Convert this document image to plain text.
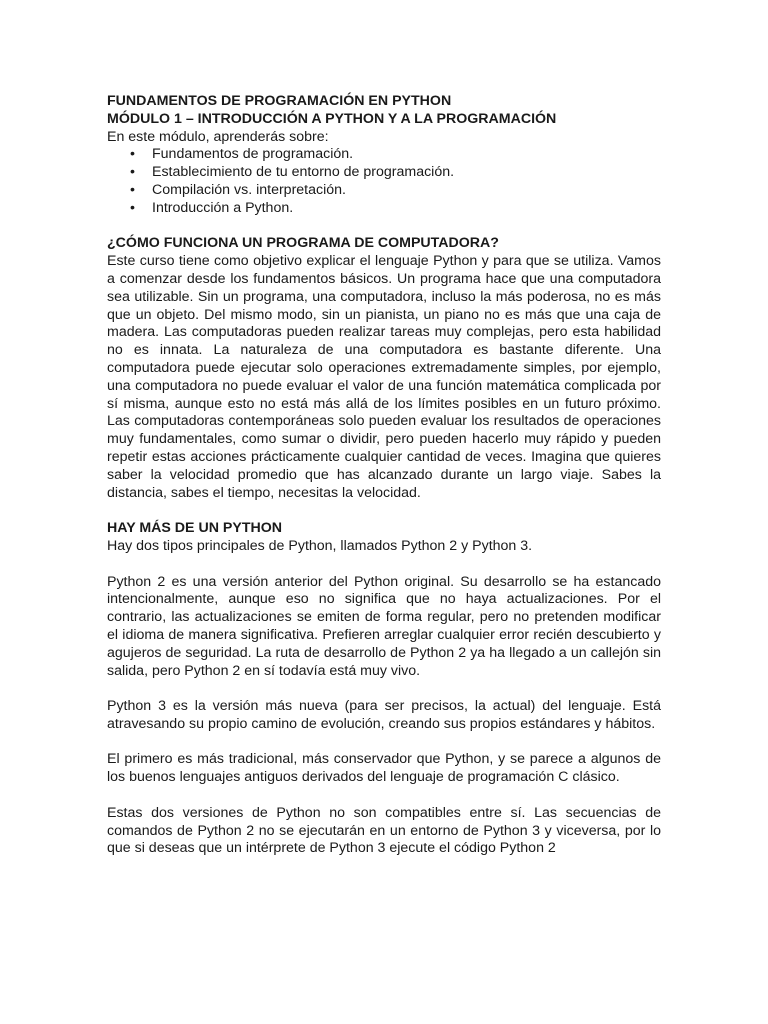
FUNDAMENTOS DE PROGRAMACIÓN EN PYTHON
MÓDULO 1 – INTRODUCCIÓN A PYTHON Y A LA PROGRAMACIÓN
En este módulo, aprenderás sobre:
• Fundamentos de programación.
• Establecimiento de tu entorno de programación.
• Compilación vs. interpretación.
• Introducción a Python.
¿CÓMO FUNCIONA UN PROGRAMA DE COMPUTADORA?

Este curso tiene como objetivo explicar el lenguaje Python y para que se utiliza. Vamos a comenzar desde los fundamentos básicos. Un programa hace que una computadora sea utilizable. Sin un programa, una computadora, incluso la más poderosa, no es más que un objeto. Del mismo modo, sin un pianista, un piano no es más que una caja de madera. Las computadoras pueden realizar tareas muy complejas, pero esta habilidad no es innata. La naturaleza de una computadora es bastante diferente. Una computadora puede ejecutar solo operaciones extremadamente simples, por ejemplo, una computadora no puede evaluar el valor de una función matemática complicada por sí misma, aunque esto no está más allá de los límites posibles en un futuro próximo. Las computadoras contemporáneas solo pueden evaluar los resultados de operaciones muy fundamentales, como sumar o dividir, pero pueden hacerlo muy rápido y pueden repetir estas acciones prácticamente cualquier cantidad de veces. Imagina que quieres saber la velocidad promedio que has alcanzado durante un largo viaje. Sabes la distancia, sabes el tiempo, necesitas la velocidad.

HAY MÁS DE UN PYTHON

Hay dos tipos principales de Python, llamados Python 2 y Python 3.

Python 2 es una versión anterior del Python original. Su desarrollo se ha estancado intencionalmente, aunque eso no significa que no haya actualizaciones. Por el contrario, las actualizaciones se emiten de forma regular, pero no pretenden modificar el idioma de manera significativa. Prefieren arreglar cualquier error recién descubierto y agujeros de seguridad. La ruta de desarrollo de Python 2 ya ha llegado a un callejón sin salida, pero Python 2 en sí todavía está muy vivo.

Python 3 es la versión más nueva (para ser precisos, la actual) del lenguaje. Está atravesando su propio camino de evolución, creando sus propios estándares y hábitos.

El primero es más tradicional, más conservador que Python, y se parece a algunos de los buenos lenguajes antiguos derivados del lenguaje de programación C clásico.

Estas dos versiones de Python no son compatibles entre sí. Las secuencias de comandos de Python 2 no se ejecutarán en un entorno de Python 3 y viceversa, por lo que si deseas que un intérprete de Python 3 ejecute el código Python 2
